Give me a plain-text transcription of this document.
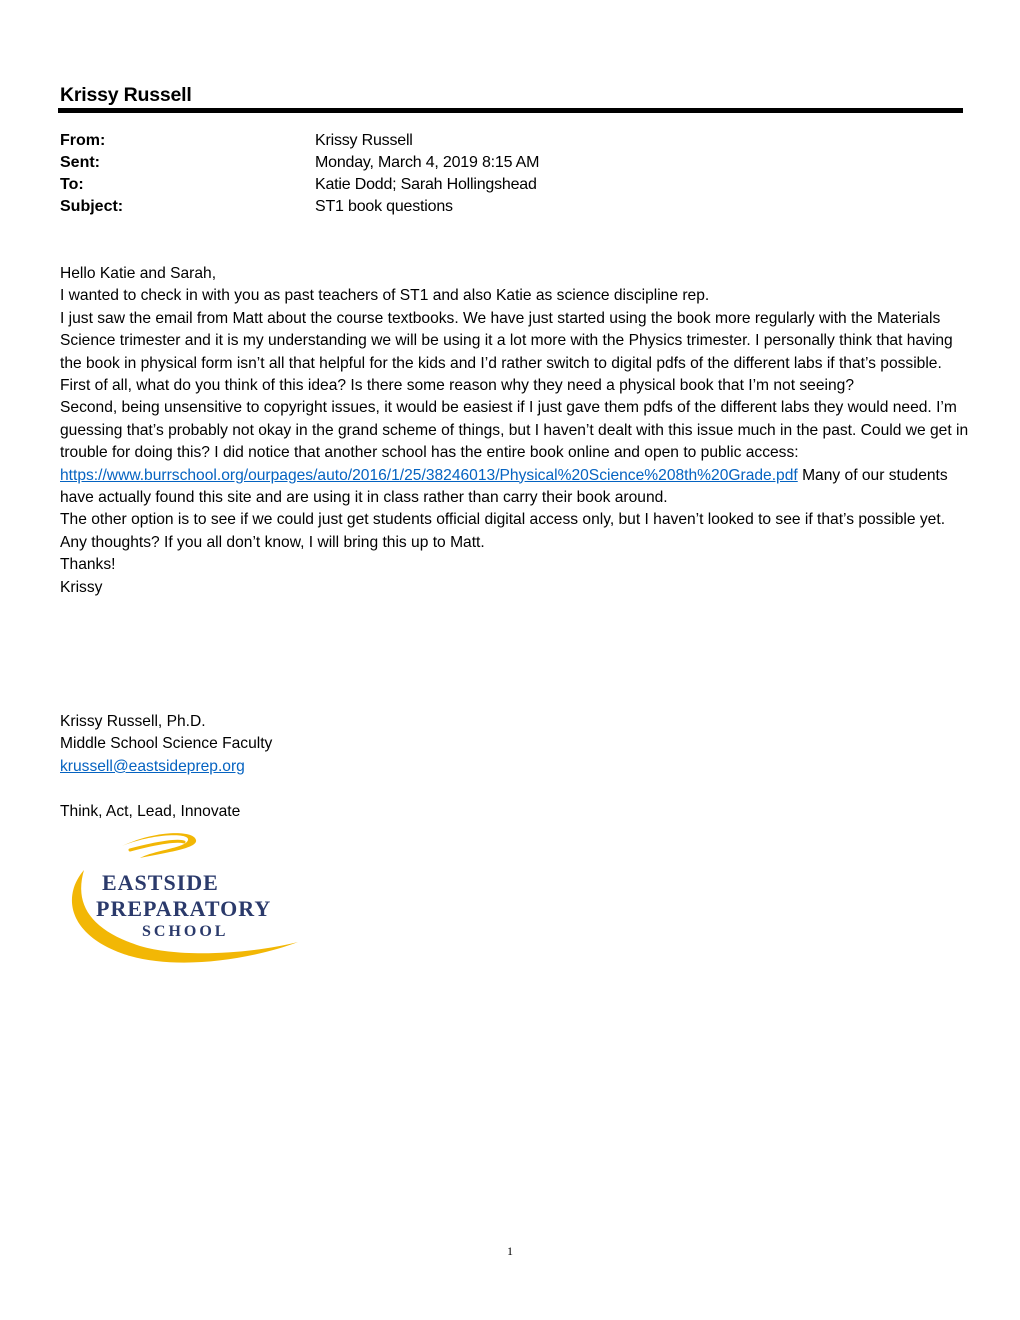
Krissy Russell
From:	Krissy Russell
Sent:	Monday, March 4, 2019 8:15 AM
To:	Katie Dodd; Sarah Hollingshead
Subject:	ST1 book questions

Hello Katie and Sarah,

I wanted to check in with you as past teachers of ST1 and also Katie as science discipline rep.

I just saw the email from Matt about the course textbooks. We have just started using the book more regularly with the Materials Science trimester and it is my understanding we will be using it a lot more with the Physics trimester. I personally think that having the book in physical form isn’t all that helpful for the kids and I’d rather switch to digital pdfs of the different labs if that’s possible. First of all, what do you think of this idea? Is there some reason why they need a physical book that I’m not seeing?

Second, being unsensitive to copyright issues, it would be easiest if I just gave them pdfs of the different labs they would need. I’m guessing that’s probably not okay in the grand scheme of things, but I haven’t dealt with this issue much in the past. Could we get in trouble for doing this? I did notice that another school has the entire book online and open to public access:

https://www.burrschool.org/ourpages/auto/2016/1/25/38246013/Physical%20Science%208th%20Grade.pdf Many of our students have actually found this site and are using it in class rather than carry their book around.

The other option is to see if we could just get students official digital access only, but I haven’t looked to see if that’s possible yet.

Any thoughts? If you all don’t know, I will bring this up to Matt.

Thanks!

Krissy

Krissy Russell, Ph.D.

Middle School Science Faculty

krussell@eastsideprep.org

Think, Act, Lead, Innovate

EASTSIDE
PREPARATORY
SCHOOL
1
